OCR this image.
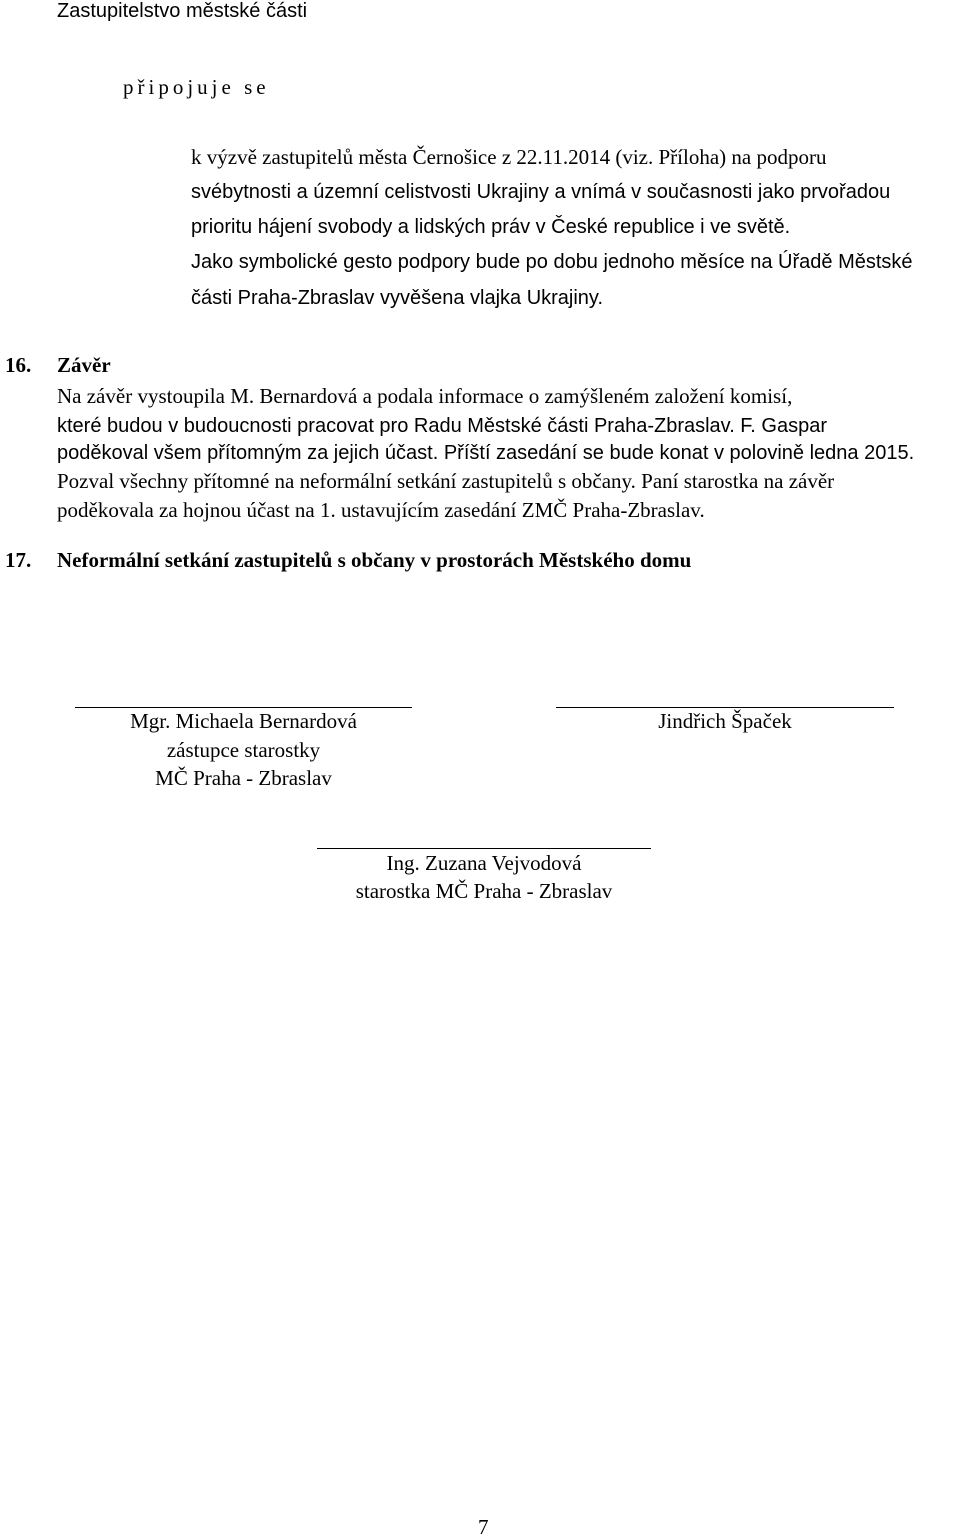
Zastupitelstvo městské části
připojuje se
k výzvě zastupitelů města Černošice z 22.11.2014 (viz. Příloha) na podporu
svébytnosti a územní celistvosti Ukrajiny a vnímá v současnosti jako prvořadou
prioritu hájení svobody a lidských práv v České republice i ve světě.
Jako symbolické gesto podpory bude po dobu jednoho měsíce na Úřadě Městské
části Praha-Zbraslav vyvěšena vlajka Ukrajiny.
16. Závěr
Na závěr vystoupila M. Bernardová a podala informace o zamýšleném založení komisí,
které budou v budoucnosti pracovat pro Radu Městské části Praha-Zbraslav. F. Gaspar
poděkoval všem přítomným za jejich účast. Příští zasedání se bude konat v polovině ledna 2015.
Pozval všechny přítomné na neformální setkání zastupitelů s občany. Paní starostka na závěr
poděkovala za hojnou účast na 1. ustavujícím zasedání ZMČ Praha-Zbraslav.
17. Neformální setkání zastupitelů s občany v prostorách Městského domu
Mgr. Michaela Bernardová
zástupce starostky
MČ Praha - Zbraslav
Jindřich Špaček
Ing. Zuzana Vejvodová
starostka MČ Praha - Zbraslav
7
